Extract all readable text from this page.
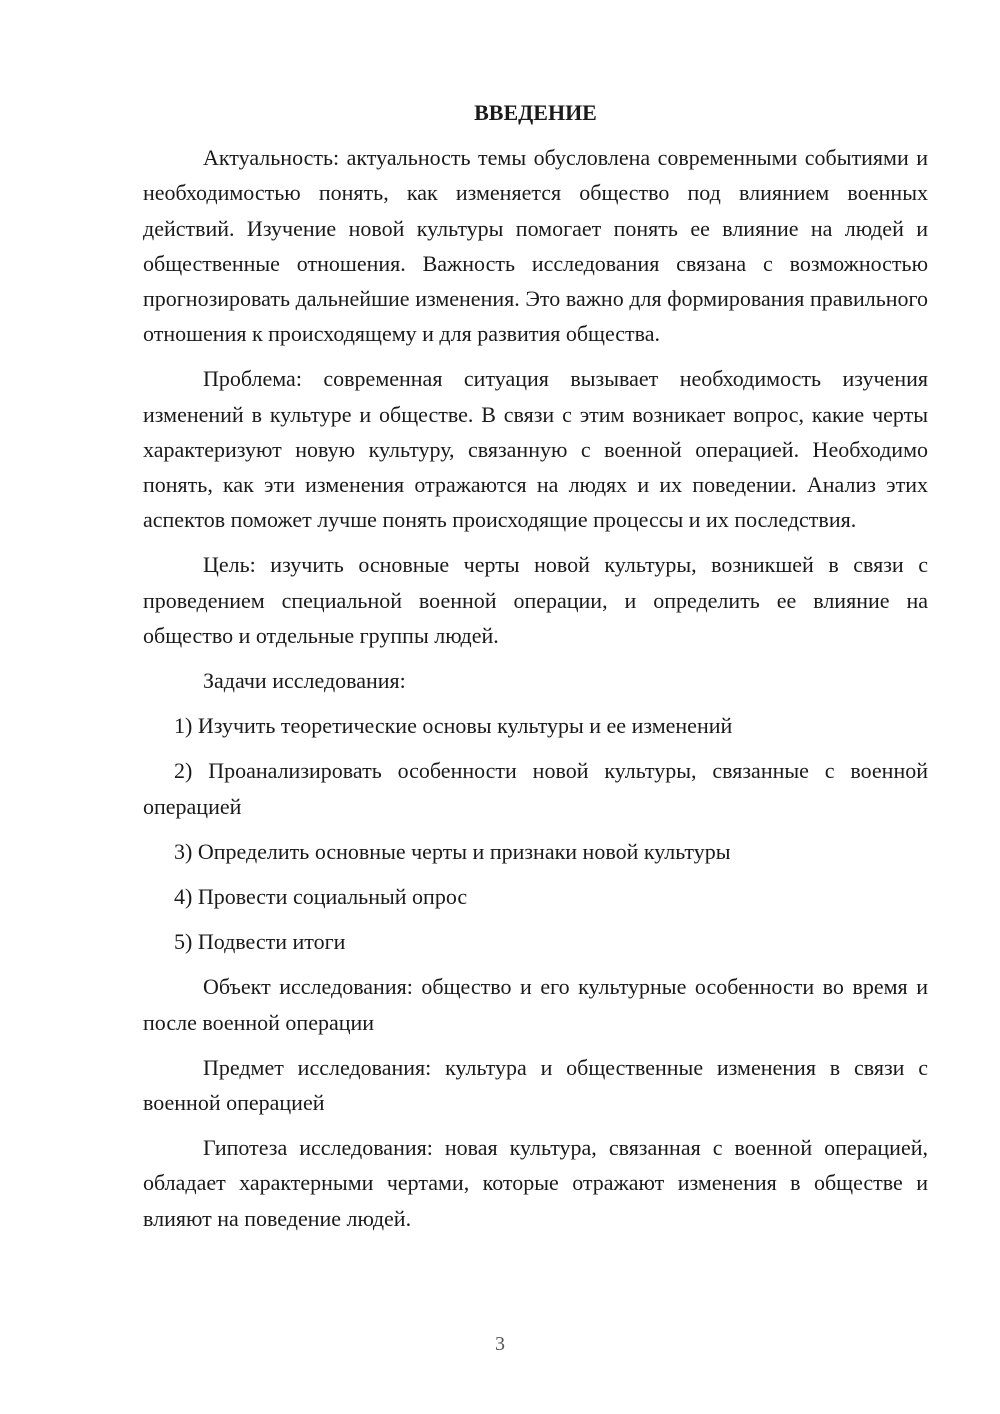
ВВЕДЕНИЕ

Актуальность: актуальность темы обусловлена современными событиями и необходимостью понять, как изменяется общество под влиянием военных действий. Изучение новой культуры помогает понять ее влияние на людей и общественные отношения. Важность исследования связана с возможностью прогнозировать дальнейшие изменения. Это важно для формирования правильного отношения к происходящему и для развития общества.

Проблема: современная ситуация вызывает необходимость изучения изменений в культуре и обществе. В связи с этим возникает вопрос, какие черты характеризуют новую культуру, связанную с военной операцией. Необходимо понять, как эти изменения отражаются на людях и их поведении. Анализ этих аспектов поможет лучше понять происходящие процессы и их последствия.

Цель: изучить основные черты новой культуры, возникшей в связи с проведением специальной военной операции, и определить ее влияние на общество и отдельные группы людей.

Задачи исследования:

1) Изучить теоретические основы культуры и ее изменений

2) Проанализировать особенности новой культуры, связанные с военной операцией

3) Определить основные черты и признаки новой культуры

4) Провести социальный опрос

5) Подвести итоги

Объект исследования: общество и его культурные особенности во время и после военной операции

Предмет исследования: культура и общественные изменения в связи с военной операцией

Гипотеза исследования: новая культура, связанная с военной операцией, обладает характерными чертами, которые отражают изменения в обществе и влияют на поведение людей.

3
